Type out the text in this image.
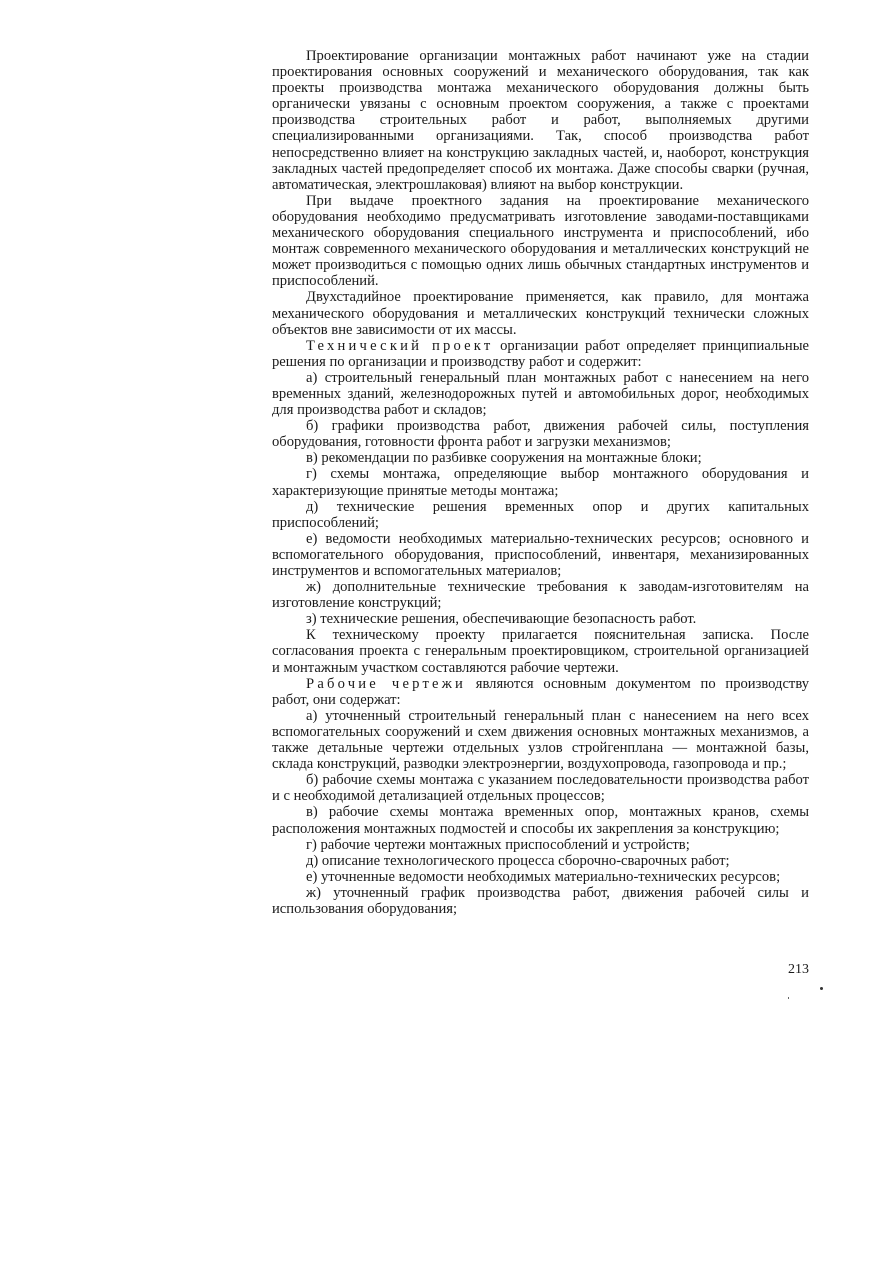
Проектирование организации монтажных работ начинают уже на стадии проектирования основных сооружений и механического оборудования, так как проекты производства монтажа механического оборудования должны быть органически увязаны с основным проектом сооружения, а также с проектами производства строительных работ и работ, выполняемых другими специализированными организациями. Так, способ производства работ непосредственно влияет на конструкцию закладных частей, и, наоборот, конструкция закладных частей предопределяет способ их монтажа. Даже способы сварки (ручная, автоматическая, электрошлаковая) влияют на выбор конструкции.

При выдаче проектного задания на проектирование механического оборудования необходимо предусматривать изготовление заводами-поставщиками механического оборудования специального инструмента и приспособлений, ибо монтаж современного механического оборудования и металлических конструкций не может производиться с помощью одних лишь обычных стандартных инструментов и приспособлений.

Двухстадийное проектирование применяется, как правило, для монтажа механического оборудования и металлических конструкций технически сложных объектов вне зависимости от их массы.

Технический проект организации работ определяет принципиальные решения по организации и производству работ и содержит:

а) строительный генеральный план монтажных работ с нанесением на него временных зданий, железнодорожных путей и автомобильных дорог, необходимых для производства работ и складов;

б) графики производства работ, движения рабочей силы, поступления оборудования, готовности фронта работ и загрузки механизмов;

в) рекомендации по разбивке сооружения на монтажные блоки;

г) схемы монтажа, определяющие выбор монтажного оборудования и характеризующие принятые методы монтажа;

д) технические решения временных опор и других капитальных приспособлений;

е) ведомости необходимых материально-технических ресурсов; основного и вспомогательного оборудования, приспособлений, инвентаря, механизированных инструментов и вспомогательных материалов;

ж) дополнительные технические требования к заводам-изготовителям на изготовление конструкций;

з) технические решения, обеспечивающие безопасность работ.

К техническому проекту прилагается пояснительная записка. После согласования проекта с генеральным проектировщиком, строительной организацией и монтажным участком составляются рабочие чертежи.

Рабочие чертежи являются основным документом по производству работ, они содержат:

а) уточненный строительный генеральный план с нанесением на него всех вспомогательных сооружений и схем движения основных монтажных механизмов, а также детальные чертежи отдельных узлов стройгенплана — монтажной базы, склада конструкций, разводки электроэнергии, воздухопровода, газопровода и пр.;

б) рабочие схемы монтажа с указанием последовательности производства работ и с необходимой детализацией отдельных процессов;

в) рабочие схемы монтажа временных опор, монтажных кранов, схемы расположения монтажных подмостей и способы их закрепления за конструкцию;

г) рабочие чертежи монтажных приспособлений и устройств;

д) описание технологического процесса сборочно-сварочных работ;

е) уточненные ведомости необходимых материально-технических ресурсов;

ж) уточненный график производства работ, движения рабочей силы и использования оборудования;

213
